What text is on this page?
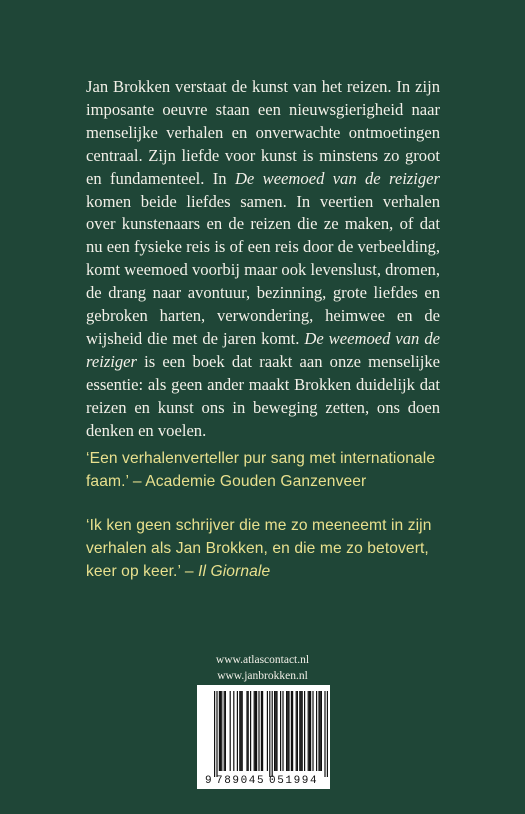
Jan Brokken verstaat de kunst van het reizen. In zijn imposante oeuvre staan een nieuwsgierigheid naar menselijke verhalen en onverwachte ontmoetingen centraal. Zijn liefde voor kunst is minstens zo groot en fundamenteel. In De weemoed van de reiziger komen beide liefdes samen. In veertien verhalen over kunstenaars en de reizen die ze maken, of dat nu een fysieke reis is of een reis door de verbeelding, komt weemoed voorbij maar ook levenslust, dromen, de drang naar avontuur, bezinning, grote liefdes en gebroken harten, verwondering, heimwee en de wijsheid die met de jaren komt. De weemoed van de reiziger is een boek dat raakt aan onze menselijke essentie: als geen ander maakt Brokken duidelijk dat reizen en kunst ons in beweging zetten, ons doen denken en voelen.
‘Een verhalenverteller pur sang met internationale faam.’ – Academie Gouden Ganzenveer
‘Ik ken geen schrijver die me zo meeneemt in zijn verhalen als Jan Brokken, en die me zo betovert, keer op keer.’ – Il Giornale
www.atlascontact.nl
www.janbrokken.nl
9 789045 051994
